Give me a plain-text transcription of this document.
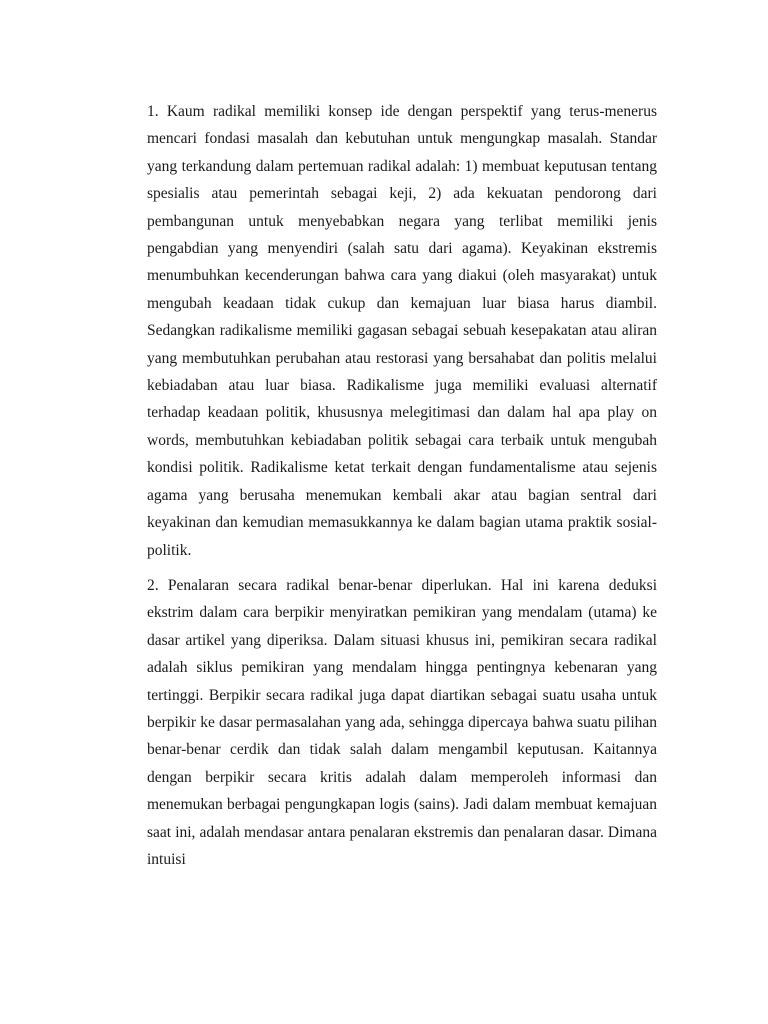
1. Kaum radikal memiliki konsep ide dengan perspektif yang terus-menerus mencari fondasi masalah dan kebutuhan untuk mengungkap masalah. Standar yang terkandung dalam pertemuan radikal adalah: 1) membuat keputusan tentang spesialis atau pemerintah sebagai keji, 2) ada kekuatan pendorong dari pembangunan untuk menyebabkan negara yang terlibat memiliki jenis pengabdian yang menyendiri (salah satu dari agama). Keyakinan ekstremis menumbuhkan kecenderungan bahwa cara yang diakui (oleh masyarakat) untuk mengubah keadaan tidak cukup dan kemajuan luar biasa harus diambil. Sedangkan radikalisme memiliki gagasan sebagai sebuah kesepakatan atau aliran yang membutuhkan perubahan atau restorasi yang bersahabat dan politis melalui kebiadaban atau luar biasa. Radikalisme juga memiliki evaluasi alternatif terhadap keadaan politik, khususnya melegitimasi dan dalam hal apa play on words, membutuhkan kebiadaban politik sebagai cara terbaik untuk mengubah kondisi politik. Radikalisme ketat terkait dengan fundamentalisme atau sejenis agama yang berusaha menemukan kembali akar atau bagian sentral dari keyakinan dan kemudian memasukkannya ke dalam bagian utama praktik sosial-politik.

2. Penalaran secara radikal benar-benar diperlukan. Hal ini karena deduksi ekstrim dalam cara berpikir menyiratkan pemikiran yang mendalam (utama) ke dasar artikel yang diperiksa. Dalam situasi khusus ini, pemikiran secara radikal adalah siklus pemikiran yang mendalam hingga pentingnya kebenaran yang tertinggi. Berpikir secara radikal juga dapat diartikan sebagai suatu usaha untuk berpikir ke dasar permasalahan yang ada, sehingga dipercaya bahwa suatu pilihan benar-benar cerdik dan tidak salah dalam mengambil keputusan. Kaitannya dengan berpikir secara kritis adalah dalam memperoleh informasi dan menemukan berbagai pengungkapan logis (sains). Jadi dalam membuat kemajuan saat ini, adalah mendasar antara penalaran ekstremis dan penalaran dasar. Dimana intuisi
